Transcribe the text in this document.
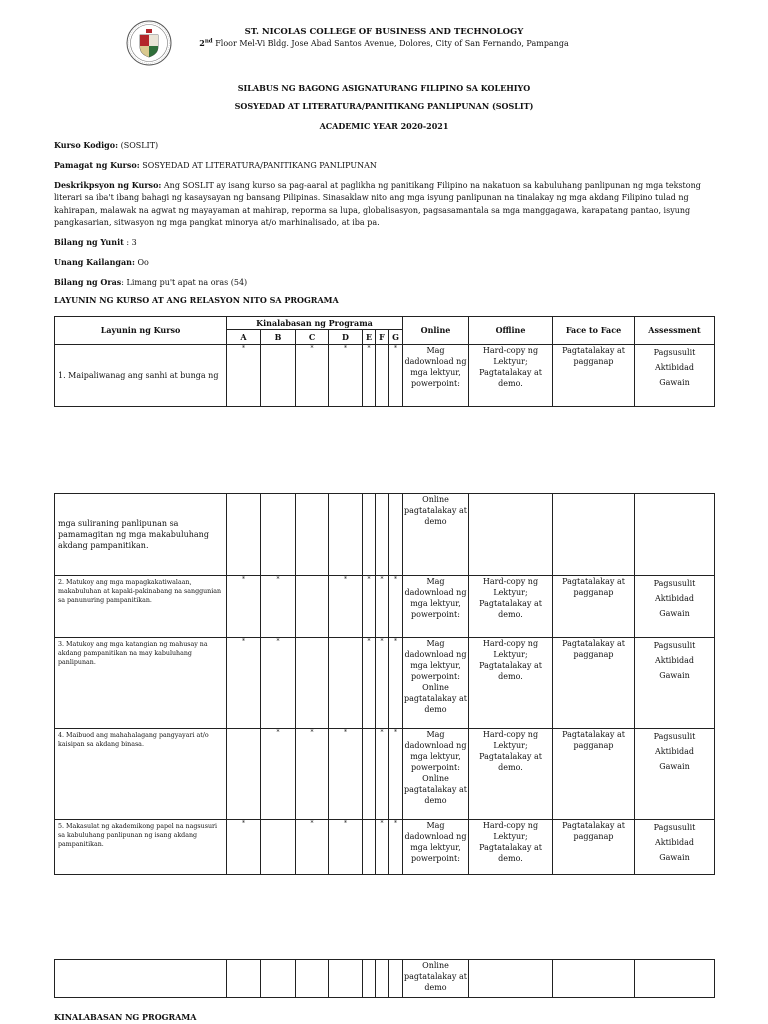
ST. NICOLAS COLLEGE OF BUSINESS AND TECHNOLOGY
2nd Floor Mel-Vi Bldg. Jose Abad Santos Avenue, Dolores, City of San Fernando, Pampanga
SILABUS NG BAGONG ASIGNATURANG FILIPINO SA KOLEHIYO
SOSYEDAD AT LITERATURA/PANITIKANG PANLIPUNAN (SOSLIT)
ACADEMIC YEAR 2020-2021
Kurso Kodigo: (SOSLIT)
Pamagat ng Kurso: SOSYEDAD AT LITERATURA/PANITIKANG PANLIPUNAN
Deskrikpsyon ng Kurso: Ang SOSLIT ay isang kurso sa pag-aaral at paglikha ng panitikang Filipino na nakatuon sa kabuluhang panlipunan ng mga tekstong literari sa iba't ibang bahagi ng kasaysayan ng bansang Pilipinas. Sinasaklaw nito ang mga isyung panlipunan na tinalakay ng mga akdang Filipino tulad ng kahirapan, malawak na agwat ng mayayaman at mahirap, reporma sa lupa, globalisasyon, pagsasamantala sa mga manggagawa, karapatang pantao, isyung pangkasarian, sitwasyon ng mga pangkat minorya at/o marhinalisado, at iba pa.
Bilang ng Yunit : 3
Unang Kailangan: Oo
Bilang ng Oras: Limang pu't apat na oras (54)
LAYUNIN NG KURSO AT ANG RELASYON NITO SA PROGRAMA
Layunin ng Kurso	Kinalabasan ng Programa							Online	Offline	Face to Face	Assessment
	A	B	C	D	E	F	G				
1. Maipaliwanag ang sanhi at bunga ng	*		*	*	*		*	Mag dadownload ng mga lektyur, powerpoint:	Hard-copy ng Lektyur; Pagtatalakay at demo.	Pagtatalakay at pagganap	Pagsusulit
Aktibidad
Gawain
mga suliraning panlipunan sa pamamagitan ng mga makabuluhang akdang pampanitikan.								Online pagtatalakay at demo			
2. Matukoy ang mga mapagkakatiwalaan, makabuluhan at kapaki-pakinabang na sanggunian sa panunuring pampanitikan.	*	*		*	*	*	*	Mag dadownload ng mga lektyur, powerpoint:	Hard-copy ng Lektyur; Pagtatalakay at demo.	Pagtatalakay at pagganap	Pagsusulit
Aktibidad
Gawain

3. Matukoy ang mga katangian ng mahusay na akdang pampanitikan na may kabuluhang panlipunan.	*	*			*	*	*	Mag dadownload ng mga lektyur, powerpoint: Online pagtatalakay at demo	Hard-copy ng Lektyur; Pagtatalakay at demo.	Pagtatalakay at pagganap	Pagsusulit
Aktibidad
Gawain

4. Maibuod ang mahahalagang pangyayari at/o kaisipan sa akdang binasa.		*	*	*		*	*	Mag dadownload ng mga lektyur, powerpoint: Online pagtatalakay at demo	Hard-copy ng Lektyur; Pagtatalakay at demo.	Pagtatalakay at pagganap	Pagsusulit
Aktibidad
Gawain

5. Makasulat ng akademikong papel na nagsusuri sa kabuluhang panlipunan ng isang akdang pampanitikan.	*		*	*		*	*	Mag dadownload ng mga lektyur, powerpoint:	Hard-copy ng Lektyur; Pagtatalakay at demo.	Pagtatalakay at pagganap	Pagsusulit
Aktibidad
Gawain
								Online pagtatalakay at demo			
KINALABASAN NG PROGRAMA
